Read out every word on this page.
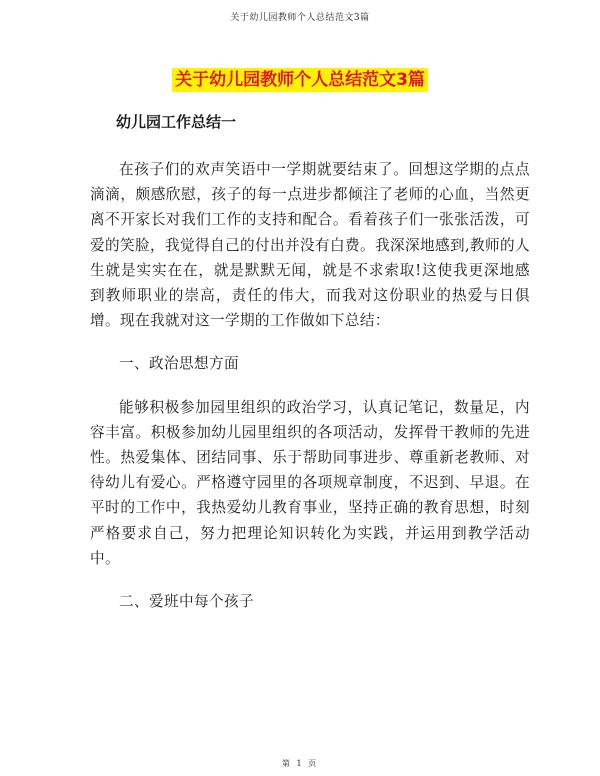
关于幼儿园教师个人总结范文3篇
关于幼儿园教师个人总结范文3篇
幼儿园工作总结一

在孩子们的欢声笑语中一学期就要结束了。回想这学期的点点滴滴，颇感欣慰，孩子的每一点进步都倾注了老师的心血，当然更离不开家长对我们工作的支持和配合。看着孩子们一张张活泼，可爱的笑脸，我觉得自己的付出并没有白费。我深深地感到,教师的人生就是实实在在，就是默默无闻，就是不求索取!这使我更深地感到教师职业的崇高，责任的伟大，而我对这份职业的热爱与日俱增。现在我就对这一学期的工作做如下总结：

一、政治思想方面

能够积极参加园里组织的政治学习，认真记笔记，数量足，内容丰富。积极参加幼儿园里组织的各项活动，发挥骨干教师的先进性。热爱集体、团结同事、乐于帮助同事进步、尊重新老教师、对待幼儿有爱心。严格遵守园里的各项规章制度，不迟到、早退。在平时的工作中，我热爱幼儿教育事业，坚持正确的教育思想，时刻严格要求自己，努力把理论知识转化为实践，并运用到教学活动中。

二、爱班中每个孩子

第 1 页
